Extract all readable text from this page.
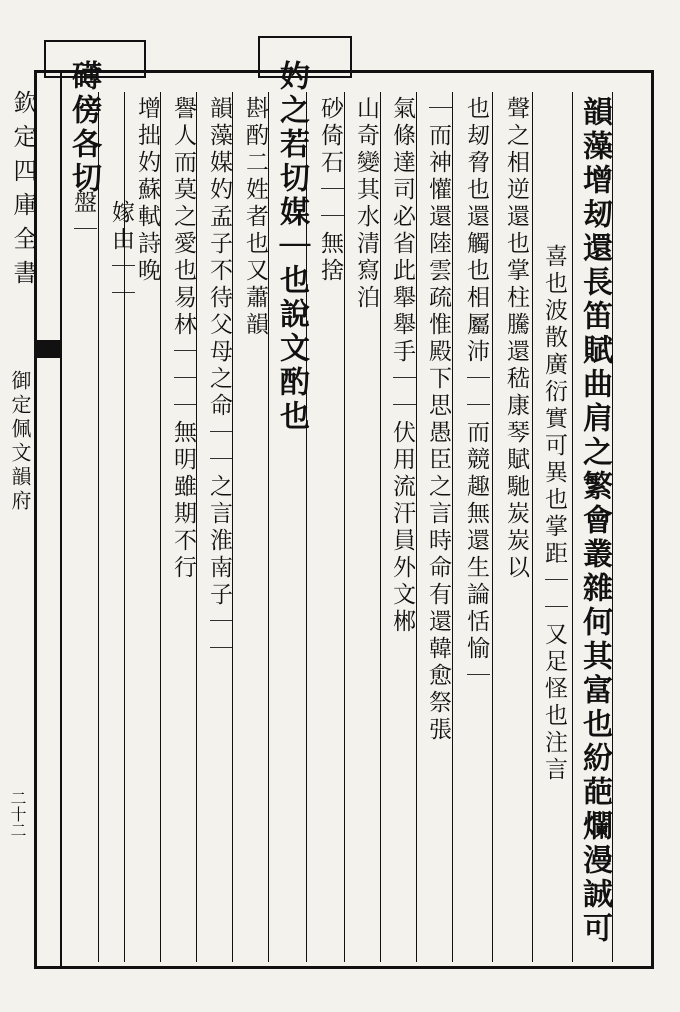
欽定四庫全書
御定佩文韻府
二十二	韻藻增刼還長笛賦曲肩之繁會叢雜何其富也紛葩爛漫誠可
喜也波散廣衍實可異也掌距｜｜又足怪也注言
聲之相逆還也掌柱騰還嵇康琴賦馳炭炭以
也刼脅也還觸也相屬沛｜｜而競趣無還生論恬愉｜
｜而神懽還陸雲疏惟殿下思愚臣之言時命有還韓愈祭張
氣條達司必省此舉舉手｜｜伏用流汗員外文郴
山奇變其水清寫泊
砂倚石｜｜無捨
妁之若切媒｜也說文酌也
斟酌二姓者也又蕭韻
韻藻媒妁孟子不待父母之命｜｜之言淮南子｜｜
譽人而莫之愛也易林｜｜｜無明雖期不行
增拙妁蘇軾詩晚
嫁由｜｜
礡傍各切
盤｜
